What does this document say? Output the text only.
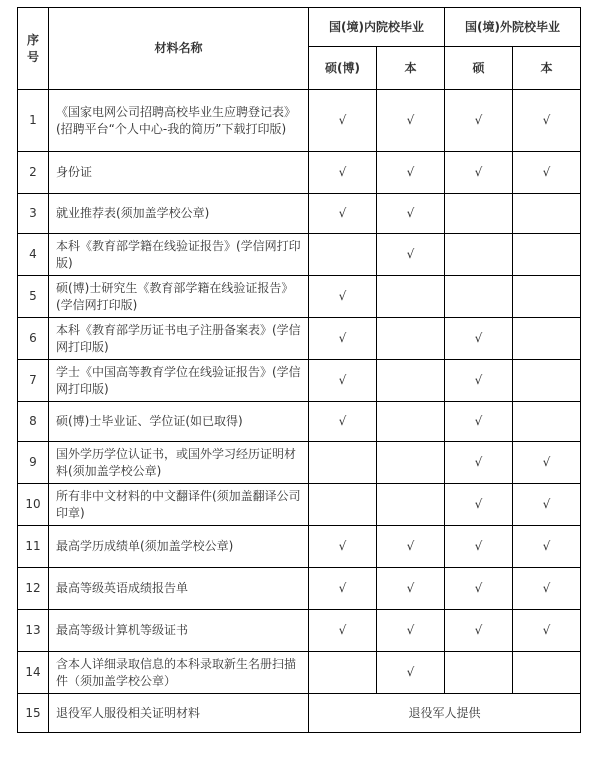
序
号	材料名称	国(境)内院校毕业		国(境)外院校毕业	
		硕(博)	本	硕	本
1	《国家电网公司招聘高校毕业生应聘登记表》(招聘平台“个人中心-我的简历”下载打印版)	√	√	√	√
2	身份证	√	√	√	√
3	就业推荐表(须加盖学校公章)	√	√		
4	本科《教育部学籍在线验证报告》(学信网打印版)		√		
5	硕(博)士研究生《教育部学籍在线验证报告》(学信网打印版)	√			
6	本科《教育部学历证书电子注册备案表》(学信网打印版)	√		√	
7	学士《中国高等教育学位在线验证报告》(学信网打印版)	√		√	
8	硕(博)士毕业证、学位证(如已取得)	√		√	
9	国外学历学位认证书，或国外学习经历证明材料(须加盖学校公章)			√	√
10	所有非中文材料的中文翻译件(须加盖翻译公司印章)			√	√
11	最高学历成绩单(须加盖学校公章)	√	√	√	√
12	最高等级英语成绩报告单	√	√	√	√
13	最高等级计算机等级证书	√	√	√	√
14	含本人详细录取信息的本科录取新生名册扫描件（须加盖学校公章）		√		
15	退役军人服役相关证明材料	退役军人提供			
